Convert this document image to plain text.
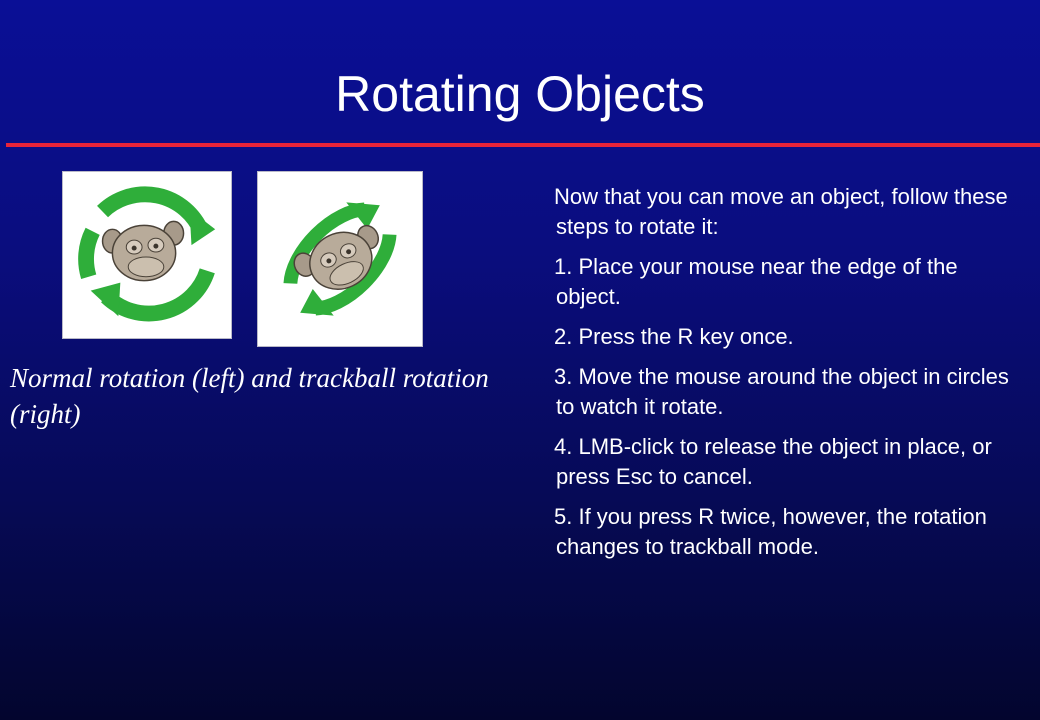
Rotating Objects

Normal rotation (left) and trackball rotation (right)

Now that you can move an object, follow these steps to rotate it:

1. Place your mouse near the edge of the object.

2. Press the R key once.

3. Move the mouse around the object in circles to watch it rotate.

4. LMB-click to release the object in place, or press Esc to cancel.

5. If you press R twice, however, the rotation changes to trackball mode.
